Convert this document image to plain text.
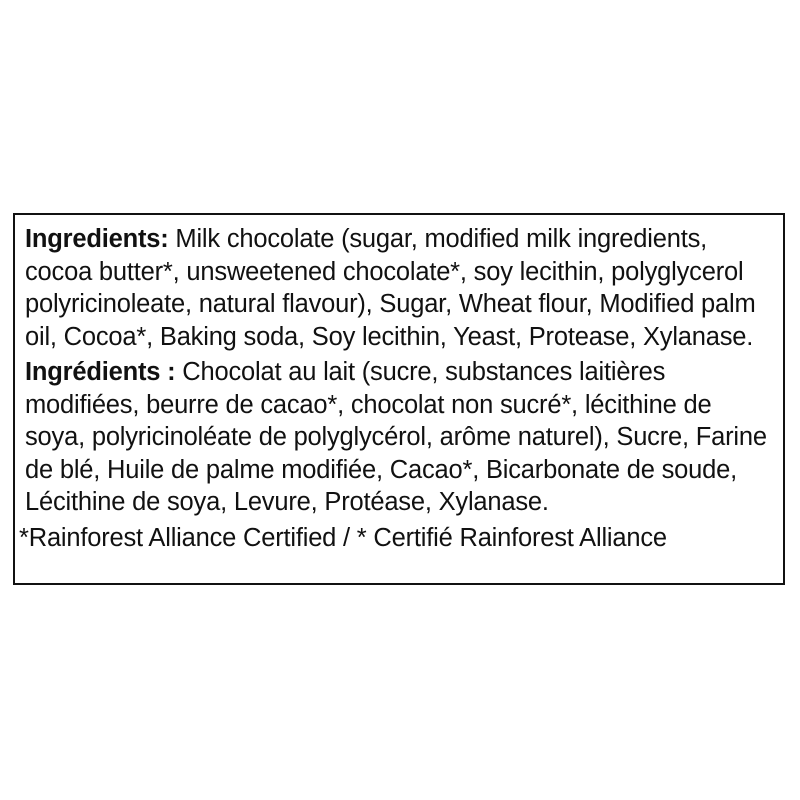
Ingredients: Milk chocolate (sugar, modified milk ingredients, cocoa butter*, unsweetened chocolate*, soy lecithin, polyglycerol polyricinoleate, natural flavour), Sugar, Wheat flour, Modified palm oil, Cocoa*, Baking soda, Soy lecithin, Yeast, Protease, Xylanase.

Ingrédients : Chocolat au lait (sucre, substances laitières modifiées, beurre de cacao*, chocolat non sucré*, lécithine de soya, polyricinoléate de polyglycérol, arôme naturel), Sucre, Farine de blé, Huile de palme modifiée, Cacao*, Bicarbonate de soude, Lécithine de soya, Levure, Protéase, Xylanase.

*Rainforest Alliance Certified / * Certifié Rainforest Alliance
